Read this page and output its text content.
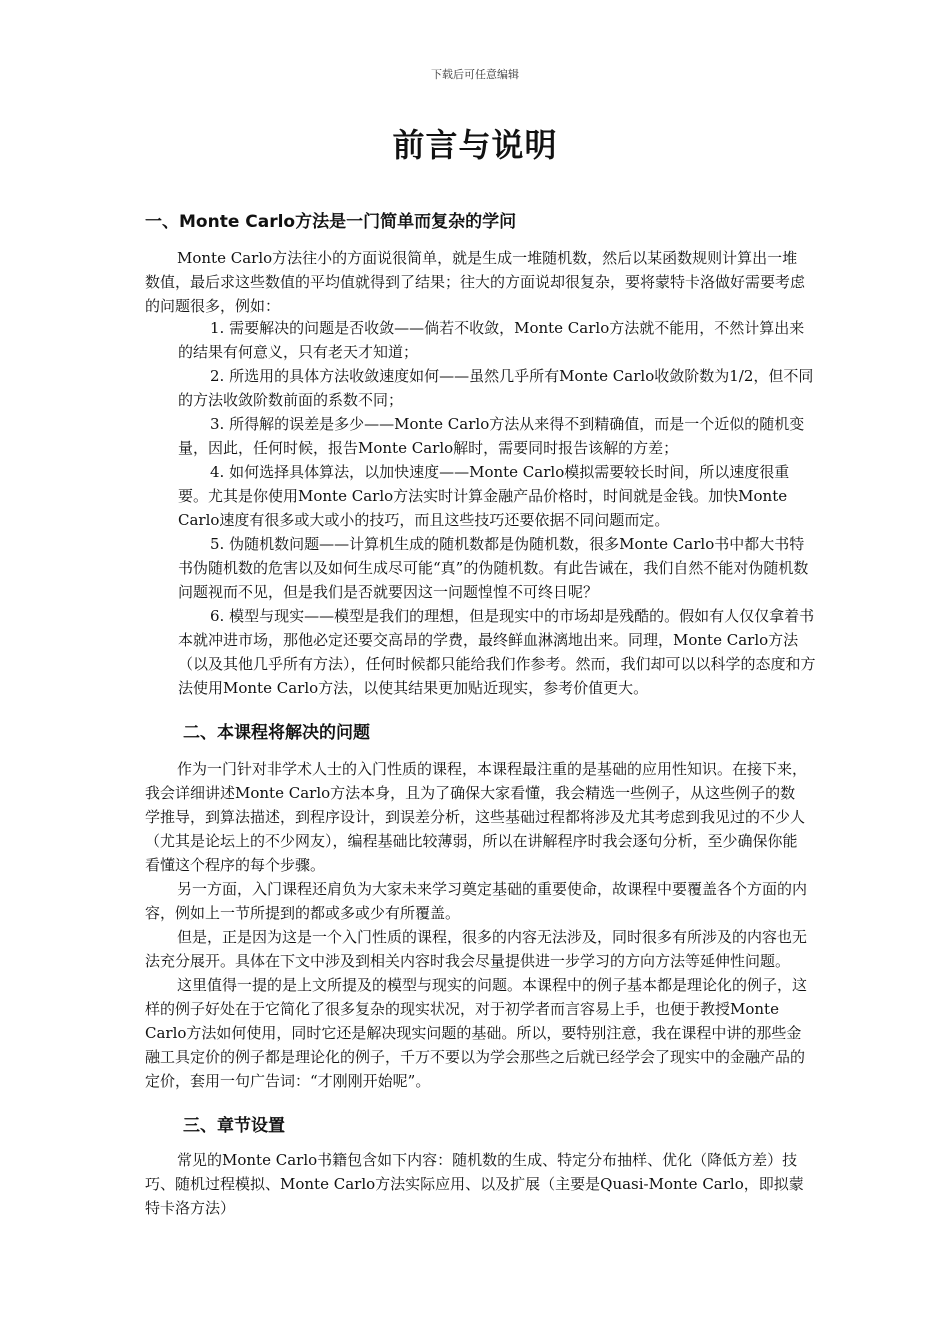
下载后可任意编辑
前言与说明
一、Monte Carlo方法是一门简单而复杂的学问

Monte Carlo方法往小的方面说很简单，就是生成一堆随机数，然后以某函数规则计算出一堆数值，最后求这些数值的平均值就得到了结果；往大的方面说却很复杂，要将蒙特卡洛做好需要考虑的问题很多，例如：

1. 需要解决的问题是否收敛——倘若不收敛，Monte Carlo方法就不能用，不然计算出来的结果有何意义，只有老天才知道；

2. 所选用的具体方法收敛速度如何——虽然几乎所有Monte Carlo收敛阶数为1/2，但不同的方法收敛阶数前面的系数不同；

3. 所得解的误差是多少——Monte Carlo方法从来得不到精确值，而是一个近似的随机变量，因此，任何时候，报告Monte Carlo解时，需要同时报告该解的方差；

4. 如何选择具体算法，以加快速度——Monte Carlo模拟需要较长时间，所以速度很重要。尤其是你使用Monte Carlo方法实时计算金融产品价格时，时间就是金钱。加快Monte Carlo速度有很多或大或小的技巧，而且这些技巧还要依据不同问题而定。

5. 伪随机数问题——计算机生成的随机数都是伪随机数，很多Monte Carlo书中都大书特书伪随机数的危害以及如何生成尽可能“真”的伪随机数。有此告诫在，我们自然不能对伪随机数问题视而不见，但是我们是否就要因这一问题惶惶不可终日呢？

6. 模型与现实——模型是我们的理想，但是现实中的市场却是残酷的。假如有人仅仅拿着书本就冲进市场，那他必定还要交高昂的学费，最终鲜血淋漓地出来。同理，Monte Carlo方法（以及其他几乎所有方法），任何时候都只能给我们作参考。然而，我们却可以以科学的态度和方法使用Monte Carlo方法，以使其结果更加贴近现实，参考价值更大。

二、本课程将解决的问题

作为一门针对非学术人士的入门性质的课程，本课程最注重的是基础的应用性知识。在接下来，我会详细讲述Monte Carlo方法本身，且为了确保大家看懂，我会精选一些例子，从这些例子的数学推导，到算法描述，到程序设计，到误差分析，这些基础过程都将涉及尤其考虑到我见过的不少人（尤其是论坛上的不少网友），编程基础比较薄弱，所以在讲解程序时我会逐句分析，至少确保你能看懂这个程序的每个步骤。

另一方面，入门课程还肩负为大家未来学习奠定基础的重要使命，故课程中要覆盖各个方面的内容，例如上一节所提到的都或多或少有所覆盖。

但是，正是因为这是一个入门性质的课程，很多的内容无法涉及，同时很多有所涉及的内容也无法充分展开。具体在下文中涉及到相关内容时我会尽量提供进一步学习的方向方法等延伸性问题。

这里值得一提的是上文所提及的模型与现实的问题。本课程中的例子基本都是理论化的例子，这样的例子好处在于它简化了很多复杂的现实状况，对于初学者而言容易上手，也便于教授Monte Carlo方法如何使用，同时它还是解决现实问题的基础。所以，要特别注意，我在课程中讲的那些金融工具定价的例子都是理论化的例子，千万不要以为学会那些之后就已经学会了现实中的金融产品的定价，套用一句广告词：“才刚刚开始呢”。

三、章节设置

常见的Monte Carlo书籍包含如下内容：随机数的生成、特定分布抽样、优化（降低方差）技巧、随机过程模拟、Monte Carlo方法实际应用、以及扩展（主要是Quasi-Monte Carlo，即拟蒙特卡洛方法）
